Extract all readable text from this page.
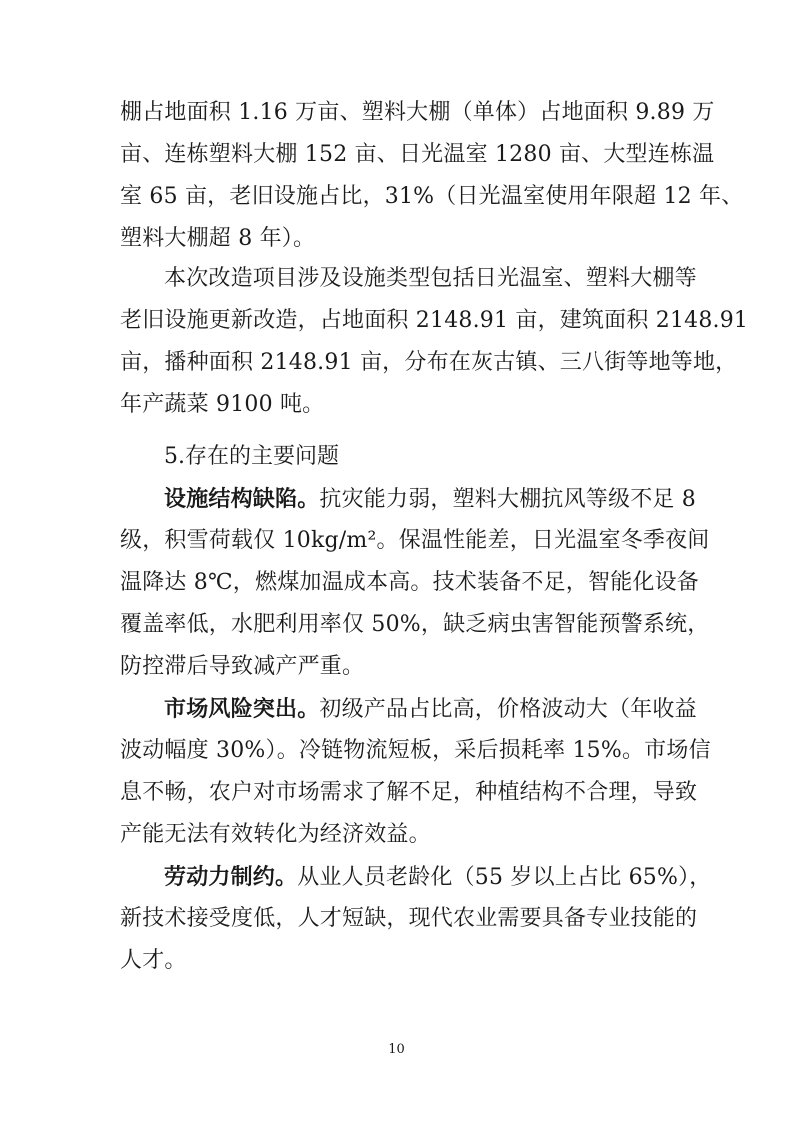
棚占地面积 1.16 万亩、塑料大棚（单体）占地面积 9.89 万
亩、连栋塑料大棚 152 亩、日光温室 1280 亩、大型连栋温
室 65 亩，老旧设施占比，31%（日光温室使用年限超 12 年、
塑料大棚超 8 年）。
本次改造项目涉及设施类型包括日光温室、塑料大棚等
老旧设施更新改造，占地面积 2148.91 亩，建筑面积 2148.91
亩，播种面积 2148.91 亩，分布在灰古镇、三八街等地等地，
年产蔬菜 9100 吨。
5.存在的主要问题
设施结构缺陷。抗灾能力弱，塑料大棚抗风等级不足 8
级，积雪荷载仅 10kg/m²。保温性能差，日光温室冬季夜间
温降达 8℃，燃煤加温成本高。技术装备不足，智能化设备
覆盖率低，水肥利用率仅 50%，缺乏病虫害智能预警系统，
防控滞后导致减产严重。
市场风险突出。初级产品占比高，价格波动大（年收益
波动幅度 30%）。冷链物流短板，采后损耗率 15%。市场信
息不畅，农户对市场需求了解不足，种植结构不合理，导致
产能无法有效转化为经济效益。
劳动力制约。从业人员老龄化（55 岁以上占比 65%），
新技术接受度低，人才短缺，现代农业需要具备专业技能的
人才。
10
